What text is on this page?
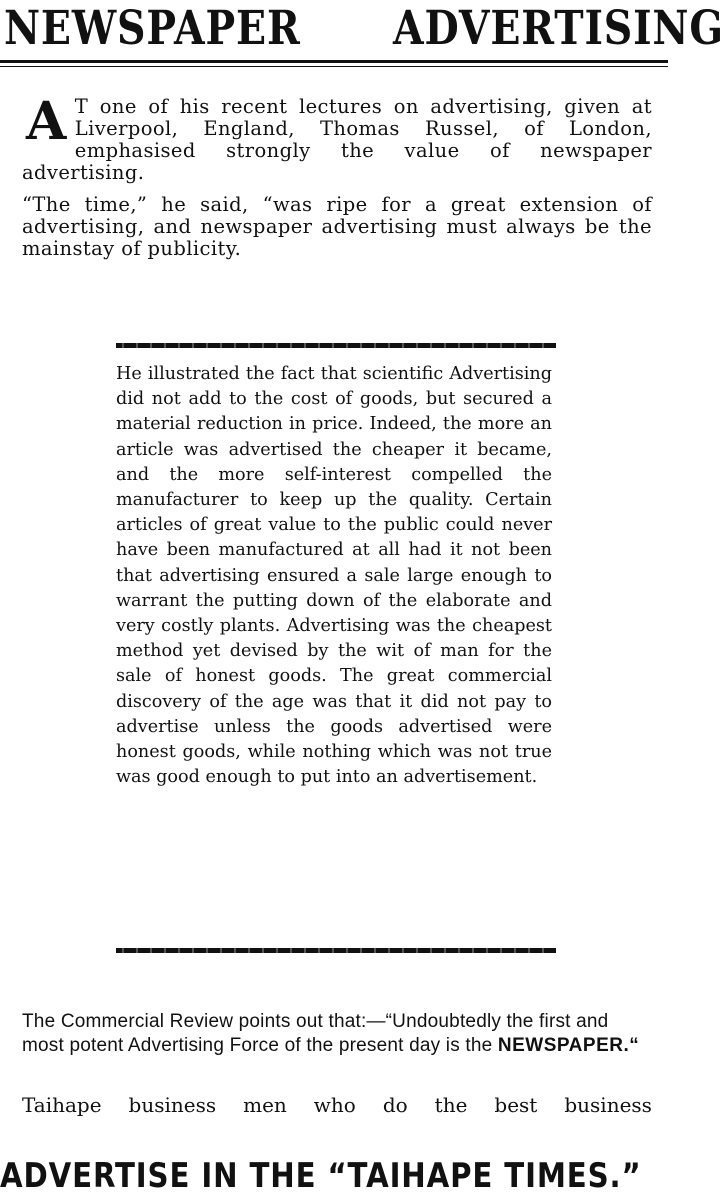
NEWSPAPER ADVERTISING
A T one of his recent lectures on advertising, given at Liverpool, England, Thomas Russel, of London, emphasised strongly the value of newspaper advertising.

“The time,” he said, “was ripe for a great extension of advertising, and newspaper advertising must always be the mainstay of publicity.

He illustrated the fact that scientific Advertising did not add to the cost of goods, but secured a material reduction in price. Indeed, the more an article was advertised the cheaper it became, and the more self-interest compelled the manufacturer to keep up the quality. Certain articles of great value to the public could never have been manufactured at all had it not been that advertising ensured a sale large enough to warrant the putting down of the elaborate and very costly plants. Advertising was the cheapest method yet devised by the wit of man for the sale of honest goods. The great commercial discovery of the age was that it did not pay to advertise unless the goods advertised were honest goods, while nothing which was not true was good enough to put into an advertisement.
The Commercial Review points out that:—“Undoubtedly the first and most potent Advertising Force of the present day is the NEWSPAPER.“
Taihape business men who do the best business
ADVERTISE IN THE “TAIHAPE TIMES.”
